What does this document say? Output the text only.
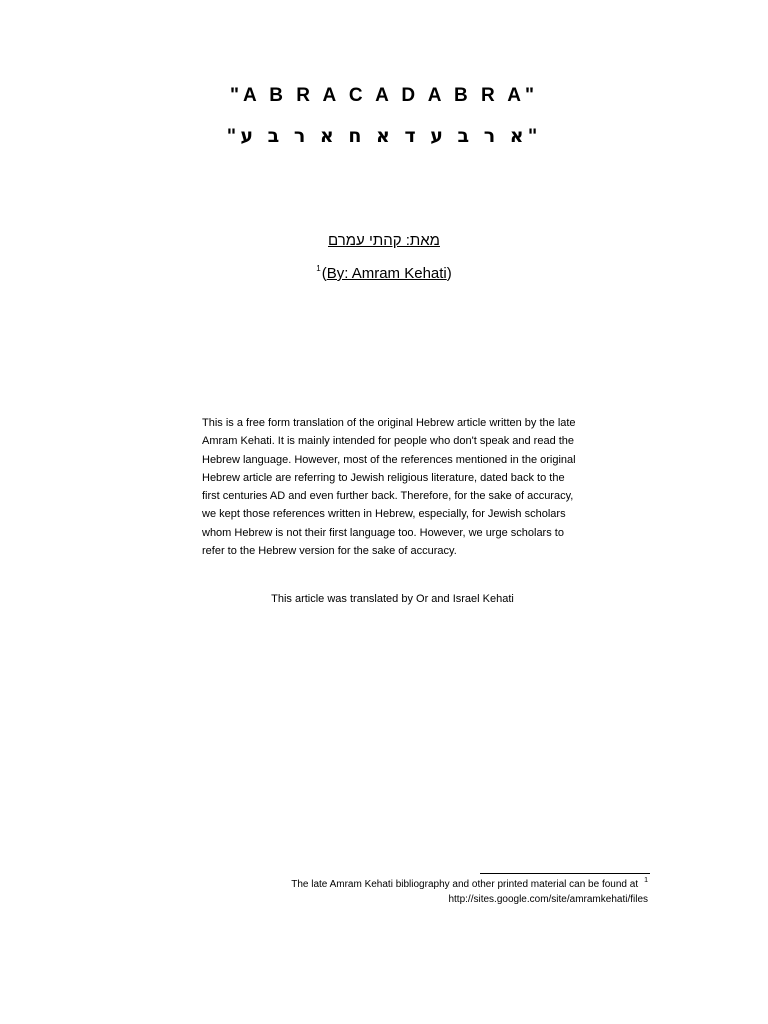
"A B R A C A D A B R A"
"א ר ב ע ד א ח א ר ב ע"
מאת: קהתי עמרם
$^1$(By: Amram Kehati)

This is a free form translation of the original Hebrew article written by the late Amram Kehati. It is mainly intended for people who don't speak and read the Hebrew language. However, most of the references mentioned in the original Hebrew article are referring to Jewish religious literature, dated back to the first centuries AD and even further back. Therefore, for the sake of accuracy, we kept those references written in Hebrew, especially, for Jewish scholars whom Hebrew is not their first language too. However, we urge scholars to refer to the Hebrew version for the sake of accuracy.

This article was translated by Or and Israel Kehati
The late Amram Kehati bibliography and other printed material can be found at $^1$
http://sites.google.com/site/amramkehati/files
